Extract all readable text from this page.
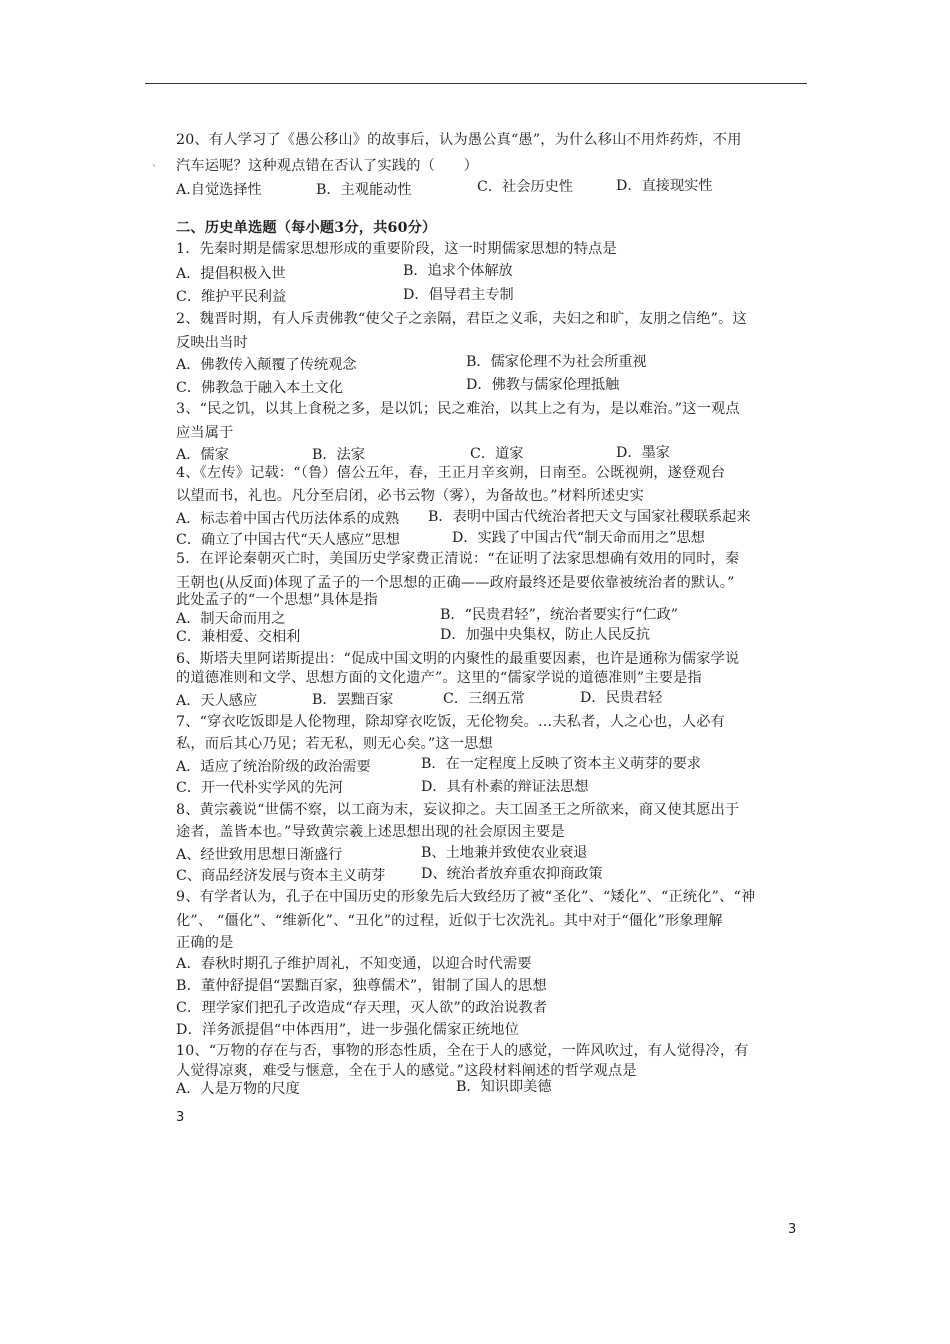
`
20、有人学习了《愚公移山》的故事后，认为愚公真“愚”，为什么移山不用炸药炸，不用
汽车运呢？这种观点错在否认了实践的（　　）
A.自觉选择性	B．主观能动性	C．社会历史性	D．直接现实性
二、历史单选题（每小题3分，共60分）
1．先秦时期是儒家思想形成的重要阶段，这一时期儒家思想的特点是
A．提倡积极入世	B．追求个体解放
C．维护平民利益	D．倡导君主专制
2、魏晋时期，有人斥责佛教“使父子之亲隔，君臣之义乖，夫妇之和旷，友朋之信绝”。这
反映出当时
A．佛教传入颠覆了传统观念	B．儒家伦理不为社会所重视
C．佛教急于融入本土文化	D．佛教与儒家伦理抵触
3、“民之饥，以其上食税之多，是以饥；民之难治，以其上之有为，是以难治。”这一观点
应当属于
A．儒家	B．法家	C．道家	D．墨家
4、《左传》记载：“（鲁）僖公五年，春，王正月辛亥朔，日南至。公既视朔，遂登观台
以望而书，礼也。凡分至启闭，必书云物（雾），为备故也。”材料所述史实
A．标志着中国古代历法体系的成熟 B．表明中国古代统治者把天文与国家社稷联系起来
C．确立了中国古代“天人感应”思想	D．实践了中国古代“制天命而用之”思想
5．在评论秦朝灭亡时，美国历史学家费正清说：“在证明了法家思想确有效用的同时，秦
王朝也(从反面)体现了孟子的一个思想的正确——政府最终还是要依靠被统治者的默认。”
此处孟子的“一个思想”具体是指
A．制天命而用之	B．“民贵君轻”，统治者要实行“仁政”
C．兼相爱、交相利	D．加强中央集权，防止人民反抗
6、斯塔夫里阿诺斯提出：“促成中国文明的内聚性的最重要因素，也许是通称为儒家学说
的道德准则和文学、思想方面的文化遗产”。这里的“儒家学说的道德准则”主要是指
A．天人感应	B．罢黜百家	C．三纲五常	D．民贵君轻
7、“穿衣吃饭即是人伦物理，除却穿衣吃饭，无伦物矣。…夫私者，人之心也，人必有
私，而后其心乃见；若无私，则无心矣。”这一思想
A．适应了统治阶级的政治需要	B．在一定程度上反映了资本主义萌芽的要求
C．开一代朴实学风的先河	D．具有朴素的辩证法思想
8、黄宗羲说“世儒不察，以工商为末，妄议抑之。夫工固圣王之所欲来，商又使其愿出于
途者，盖皆本也。”导致黄宗羲上述思想出现的社会原因主要是
A、经世致用思想日渐盛行	B、土地兼并致使农业衰退
C、商品经济发展与资本主义萌芽	D、统治者放弃重农抑商政策
9、有学者认为，孔子在中国历史的形象先后大致经历了被“圣化”、“矮化”、“正统化”、“神
化”、 “僵化”、“维新化”、“丑化”的过程，近似于七次洗礼。其中对于“僵化”形象理解
正确的是
A．春秋时期孔子维护周礼，不知变通，以迎合时代需要
B．董仲舒提倡“罢黜百家，独尊儒术”，钳制了国人的思想
C．理学家们把孔子改造成“存天理，灭人欲”的政治说教者
D．洋务派提倡“中体西用”，进一步强化儒家正统地位
10、“万物的存在与否，事物的形态性质，全在于人的感觉，一阵风吹过，有人觉得冷，有
人觉得凉爽，难受与惬意，全在于人的感觉。”这段材料阐述的哲学观点是
A．人是万物的尺度	B．知识即美德
3
3
